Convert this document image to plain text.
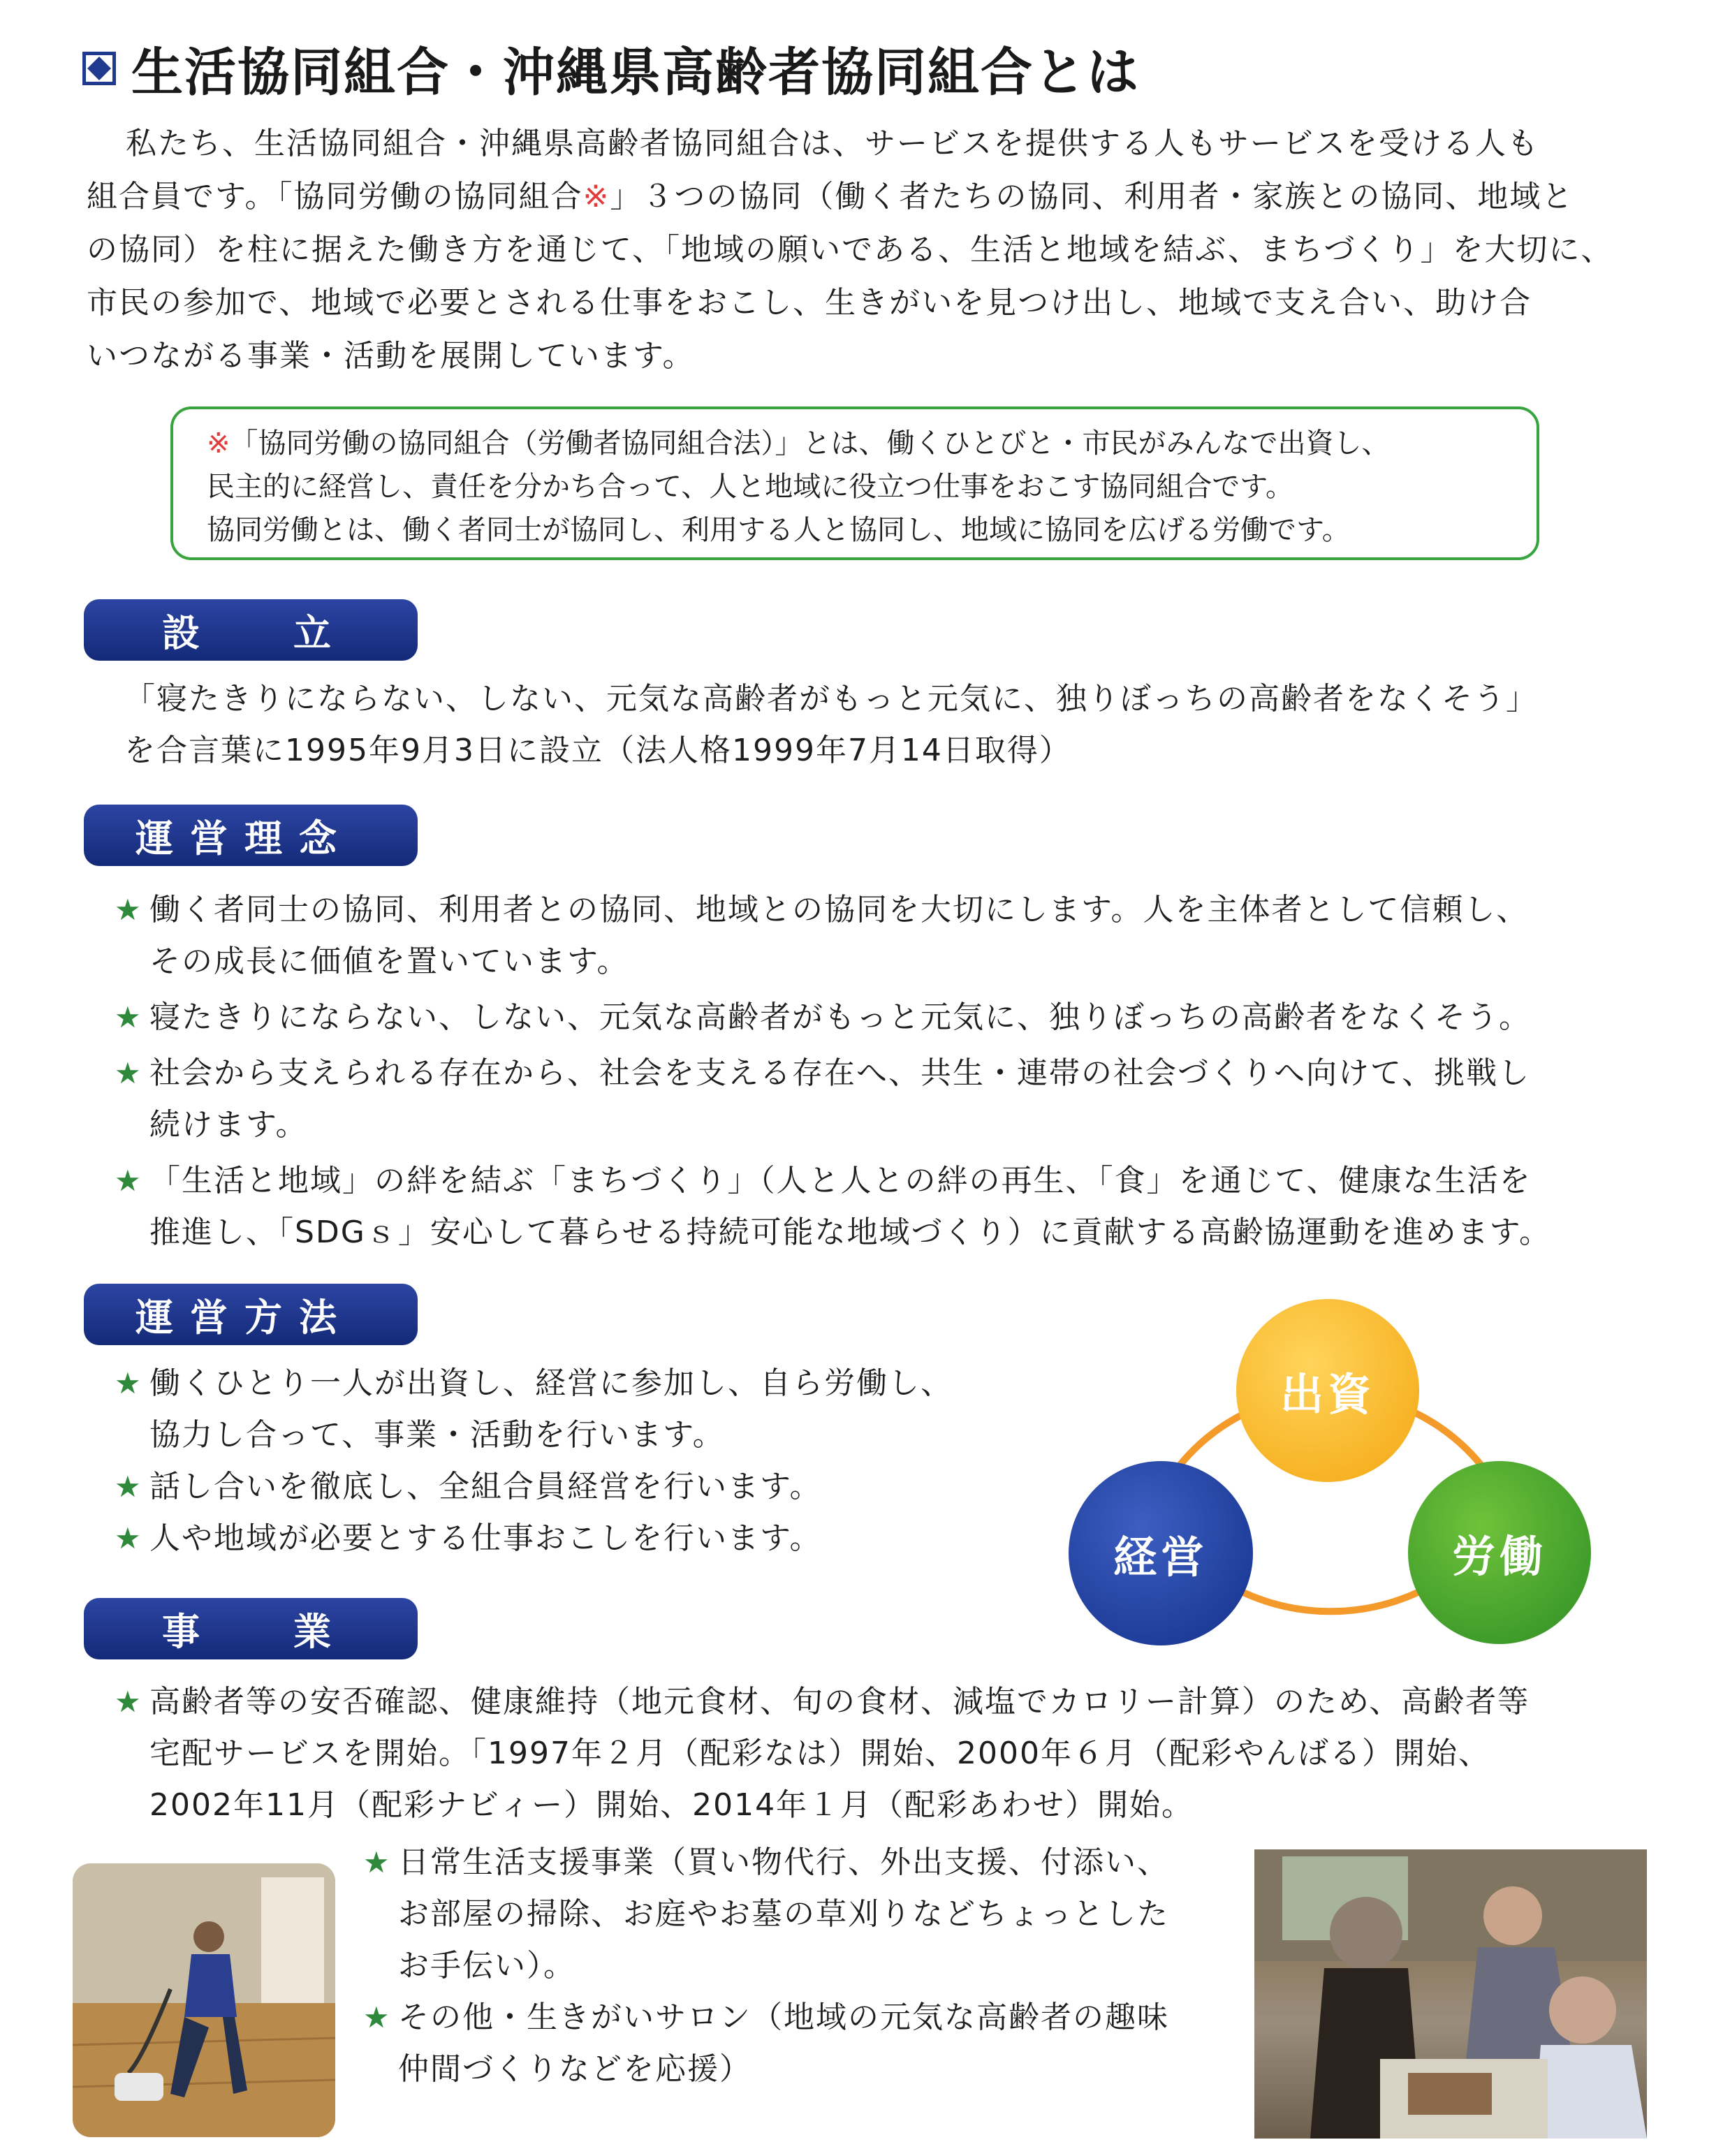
生活協同組合・沖縄県高齢者協同組合とは
私たち、生活協同組合・沖縄県高齢者協同組合は、サービスを提供する人もサービスを受ける人も
組合員です。「協同労働の協同組合※」３つの協同（働く者たちの協同、利用者・家族との協同、地域と
の協同）を柱に据えた働き方を通じて、「地域の願いである、生活と地域を結ぶ、まちづくり」を大切に、
市民の参加で、地域で必要とされる仕事をおこし、生きがいを見つけ出し、地域で支え合い、助け合
いつながる事業・活動を展開しています。
※「協同労働の協同組合（労働者協同組合法）」とは、働くひとびと・市民がみんなで出資し、
民主的に経営し、責任を分かち合って、人と地域に役立つ仕事をおこす協同組合です。
協同労働とは、働く者同士が協同し、利用する人と協同し、地域に協同を広げる労働です。
設　立
「寝たきりにならない、しない、元気な高齢者がもっと元気に、独りぼっちの高齢者をなくそう」
を合言葉に1995年9月3日に設立（法人格1999年7月14日取得）
運営理念
★ 働く者同士の協同、利用者との協同、地域との協同を大切にします。人を主体者として信頼し、
その成長に価値を置いています。
★ 寝たきりにならない、しない、元気な高齢者がもっと元気に、独りぼっちの高齢者をなくそう。
★ 社会から支えられる存在から、社会を支える存在へ、共生・連帯の社会づくりへ向けて、挑戦し
続けます。
★ 「生活と地域」の絆を結ぶ「まちづくり」（人と人との絆の再生、「食」を通じて、健康な生活を
推進し、「SDGｓ」安心して暮らせる持続可能な地域づくり）に貢献する高齢協運動を進めます。
運営方法
★ 働くひとり一人が出資し、経営に参加し、自ら労働し、
協力し合って、事業・活動を行います。
★ 話し合いを徹底し、全組合員経営を行います。
★ 人や地域が必要とする仕事おこしを行います。
出資
経営	労働
事　業
★ 高齢者等の安否確認、健康維持（地元食材、旬の食材、減塩でカロリー計算）のため、高齢者等
宅配サービスを開始。「1997年２月（配彩なは）開始、2000年６月（配彩やんばる）開始、
2002年11月（配彩ナビィー）開始、2014年１月（配彩あわせ）開始。
★ 日常生活支援事業（買い物代行、外出支援、付添い、
お部屋の掃除、お庭やお墓の草刈りなどちょっとした
お手伝い）。
★ その他・生きがいサロン（地域の元気な高齢者の趣味
仲間づくりなどを応援）
